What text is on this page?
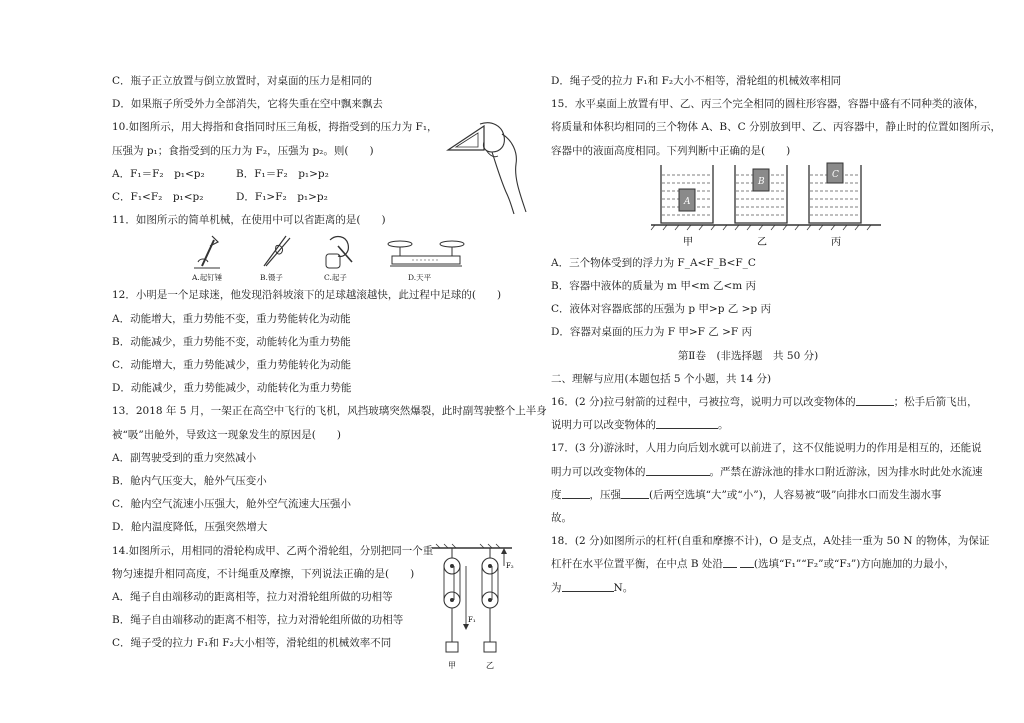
C．瓶子正立放置与倒立放置时，对桌面的压力是相同的
D．如果瓶子所受外力全部消失，它将失重在空中飘来飘去
10.如图所示，用大拇指和食指同时压三角板，拇指受到的压力为 F₁，
压强为 p₁；食指受到的压力为 F₂，压强为 p₂。则(　　)
A．F₁＝F₂　p₁<p₂	B．F₁＝F₂　p₁>p₂
C．F₁<F₂　p₁<p₂	D．F₁>F₂　p₁>p₂
11．如图所示的简单机械，在使用中可以省距离的是(　　)
A.起钉锤	B.镊子	C.起子	D.天平
12．小明是一个足球迷，他发现沿斜坡滚下的足球越滚越快，此过程中足球的(　　)
A．动能增大，重力势能不变，重力势能转化为动能
B．动能减少，重力势能不变，动能转化为重力势能
C．动能增大，重力势能减少，重力势能转化为动能
D．动能减少，重力势能减少，动能转化为重力势能
13．2018 年 5 月，一架正在高空中飞行的飞机，风挡玻璃突然爆裂，此时副驾驶整个上半身
被“吸”出舱外，导致这一现象发生的原因是(　　)
A．副驾驶受到的重力突然减小
B．舱内气压变大，舱外气压变小
C．舱内空气流速小压强大，舱外空气流速大压强小
D．舱内温度降低，压强突然增大
14.如图所示，用相同的滑轮构成甲、乙两个滑轮组，分别把同一个重
物匀速提升相同高度，不计绳重及摩擦，下列说法正确的是(　　)
A．绳子自由端移动的距离相等，拉力对滑轮组所做的功相等
B．绳子自由端移动的距离不相等，拉力对滑轮组所做的功相等
C．绳子受的拉力 F₁和 F₂大小相等，滑轮组的机械效率不同
F₁
甲
F₂
乙
D．绳子受的拉力 F₁和 F₂大小不相等，滑轮组的机械效率相同
15．水平桌面上放置有甲、乙、丙三个完全相同的圆柱形容器，容器中盛有不同种类的液体，
将质量和体积均相同的三个物体 A、B、C 分别放到甲、乙、丙容器中，静止时的位置如图所示，
容器中的液面高度相同。下列判断中正确的是(　　)
A
B
C
甲	乙	丙
A．三个物体受到的浮力为 F_A<F_B<F_C
B．容器中液体的质量为 m 甲<m 乙<m 丙
C．液体对容器底部的压强为 p 甲>p 乙 >p 丙
D．容器对桌面的压力为 F 甲>F 乙 >F 丙
第Ⅱ卷　(非选择题　共 50 分)
二、理解与应用(本题包括 5 个小题，共 14 分)
16．(2 分)拉弓射箭的过程中，弓被拉弯，说明力可以改变物体的	；松手后箭飞出，
说明力可以改变物体的	。
17．(3 分)游泳时，人用力向后划水就可以前进了，这不仅能说明力的作用是相互的，还能说
明力可以改变物体的	。严禁在游泳池的排水口附近游泳，因为排水时此处水流速
度	，压强	(后两空选填“大”或“小”)，人容易被“吸”向排水口而发生溺水事
故。
18．(2 分)如图所示的杠杆(自重和摩擦不计)，O 是支点，A处挂一重为 50 N 的物体，为保证
杠杆在水平位置平衡，在中点 B 处沿	(选填“F₁”“F₂”或“F₃”)方向施加的力最小，
为	N。
